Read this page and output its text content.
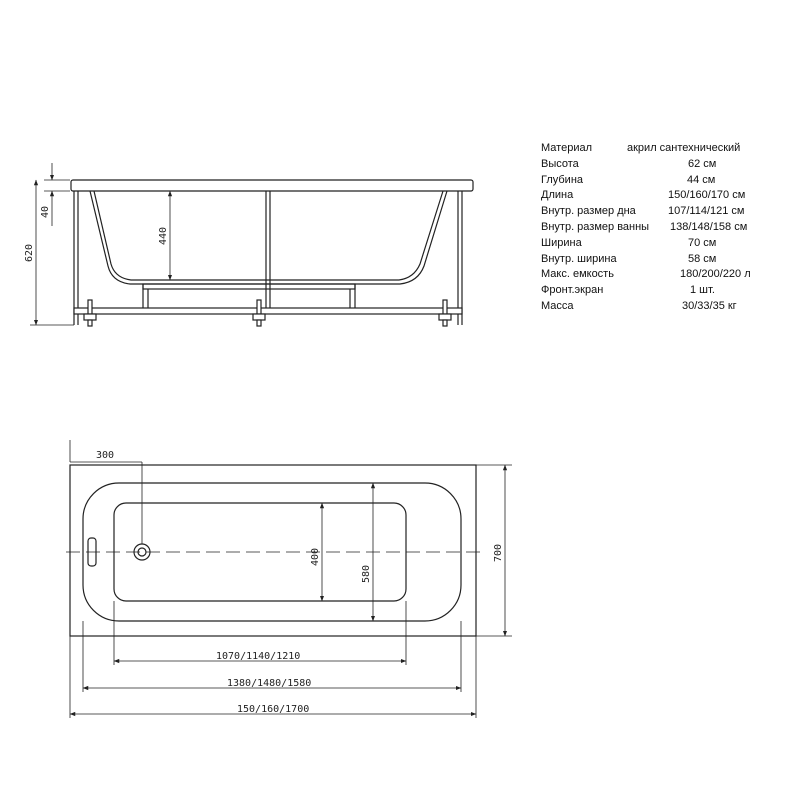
620
40
440
300
400
580
700
1070/1140/1210
1380/1480/1580
150/160/1700
Материал	акрил сантехнический
Высота	62 см
Глубина	44 см
Длина	150/160/170 см
Внутр. размер дна	107/114/121 см
Внутр. размер ванны 138/148/158 см
Ширина	70 см
Внутр. ширина	58 см
Макс. емкость	180/200/220 л
Фронт.экран	1 шт.
Масса	30/33/35 кг
